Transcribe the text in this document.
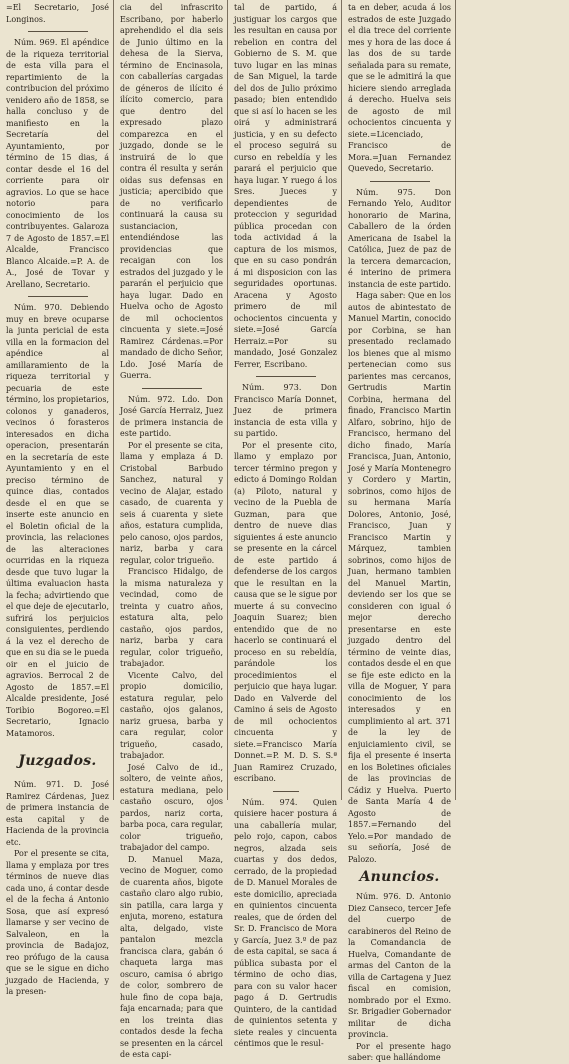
=El Secretario, José Longinos.

Núm. 969. El apéndice de la riqueza territorial de esta villa para el repartimiento de la contribucion del próximo venidero año de 1858, se halla concluso y de manifiesto en la Secretaría del Ayuntamiento, por término de 15 dias, á contar desde el 16 del corriente para oir agravios. Lo que se hace notorio para conocimiento de los contribuyentes. Galaroza 7 de Agosto de 1857.=El Alcalde, Francisco Blanco Alcaide.=P. A. de A., José de Tovar y Arellano, Secretario.

Núm. 970. Debiendo muy en breve ocuparse la junta pericial de esta villa en la formacion del apéndice al amillaramiento de la riqueza territorial y pecuaria de este término, los propietarios, colonos y ganaderos, vecinos ó forasteros interesados en dicha operacion, presentarán en la secretaría de este Ayuntamiento y en el preciso término de quince dias, contados desde el en que se inserte este anuncio en el Boletin oficial de la provincia, las relaciones de las alteraciones ocurridas en la riqueza desde que tuvo lugar la última evaluacion hasta la fecha; advirtiendo que el que deje de ejecutarlo, sufrirá los perjuicios consiguientes, perdiendo á la vez el derecho de que en su dia se le pueda oir en el juicio de agravios. Berrocal 2 de Agosto de 1857.=El Alcalde presidente, José Toribio Bogoreo.=El Secretario, Ignacio Matamoros.

Juzgados.

Núm. 971. D. José Ramirez Cárdenas, Juez de primera instancia de esta capital y de Hacienda de la provincia etc.

Por el presente se cita, llama y emplaza por tres términos de nueve dias cada uno, á contar desde el de la fecha á Antonio Sosa, que así expresó llamarse y ser vecino de Salvaleon, en la provincia de Badajoz, reo prófugo de la causa que se le sigue en dicho juzgado de Hacienda, y la presen-

cia del infrascrito Escribano, por haberlo aprehendido el dia seis de Junio último en la dehesa de la Sierva, término de Encinasola, con caballerías cargadas de géneros de ilícito é ilícito comercio, para que dentro del expresado plazo comparezca en el juzgado, donde se le instruirá de lo que contra él resulta y serán oidas sus defensas en justicia; apercibido que de no verificarlo continuará la causa su sustanciacion, entendiéndose las providencias que recaigan con los estrados del juzgado y le pararán el perjuicio que haya lugar. Dado en Huelva ocho de Agosto de mil ochocientos cincuenta y siete.=José Ramirez Cárdenas.=Por mandado de dicho Señor, Ldo. José María de Guerra.

Núm. 972. Ldo. Don José García Herraiz, Juez de primera instancia de este partido.

Por el presente se cita, llama y emplaza á D. Cristobal Barbudo Sanchez, natural y vecino de Alajar, estado casado, de cuarenta y seis á cuarenta y siete años, estatura cumplida, pelo canoso, ojos pardos, nariz, barba y cara regular, color trigueño.

Francisco Hidalgo, de la misma naturaleza y vecindad, como de treinta y cuatro años, estatura alta, pelo castaño, ojos pardos, nariz, barba y cara regular, color trigueño, trabajador.

Vicente Calvo, del propio domicilio, estatura regular, pelo castaño, ojos galanos, nariz gruesa, barba y cara regular, color trigueño, casado, trabajador.

José Calvo de id., soltero, de veinte años, estatura mediana, pelo castaño oscuro, ojos pardos, nariz corta, barba poca, cara regular, color trigueño, trabajador del campo.

D. Manuel Maza, vecino de Moguer, como de cuarenta años, bigote castaño claro algo rubio, sin patilla, cara larga y enjuta, moreno, estatura alta, delgado, viste pantalon mezcla francisca clara, gabán ó chaqueta larga mas oscuro, camisa ó abrigo de color, sombrero de hule fino de copa baja, faja encarnada; para que en los treinta dias contados desde la fecha se presenten en la cárcel de esta capi-

tal de partido, á justiguar los cargos que les resultan en causa por rebelion en contra del Gobierno de S. M. que tuvo lugar en las minas de San Miguel, la tarde del dos de Julio próximo pasado; bien entendido que si así lo hacen se les oirá y administrará justicia, y en su defecto el proceso seguirá su curso en rebeldía y les parará el perjuicio que haya lugar. Y ruego á los Sres. Jueces y dependientes de proteccion y seguridad pública procedan con toda actividad á la captura de los mismos, que en su caso pondrán á mi disposicion con las seguridades oportunas. Aracena y Agosto primero de mil ochocientos cincuenta y siete.=José García Herraiz.=Por su mandado, José Gonzalez Ferrer, Escribano.

Núm. 973. Don Francisco María Donnet, Juez de primera instancia de esta villa y su partido.

Por el presente cito, llamo y emplazo por tercer término pregon y edicto á Domingo Roldan (a) Piloto, natural y vecino de la Puebla de Guzman, para que dentro de nueve dias siguientes á este anuncio se presente en la cárcel de este partido á defenderse de los cargos que le resultan en la causa que se le sigue por muerte á su convecino Joaquin Suarez; bien entendido que de no hacerlo se continuará el proceso en su rebeldía, parándole los procedimientos el perjuicio que haya lugar. Dado en Valverde del Camino á seis de Agosto de mil ochocientos cincuenta y siete.=Francisco María Donnet.=P. M. D. S. S.ª Juan Ramirez Cruzado, escribano.

Núm. 974. Quien quisiere hacer postura á una caballería mular, pelo rojo, capon, cabos negros, alzada seis cuartas y dos dedos, cerrado, de la propiedad de D. Manuel Morales de este domicilio, apreciada en quinientos cincuenta reales, que de órden del Sr. D. Francisco de Mora y García, Juez 3.º de paz de esta capital, se saca á pública subasta por el término de ocho dias, para con su valor hacer pago á D. Gertrudis Quintero, de la cantidad de quinientos setenta y siete reales y cincuenta céntimos que le resul-

ta en deber, acuda á los estrados de este Juzgado el dia trece del corriente mes y hora de las doce á las dos de su tarde señalada para su remate, que se le admitirá la que hiciere siendo arreglada á derecho. Huelva seis de agosto de mil ochocientos cincuenta y siete.=Licenciado, Francisco de Mora.=Juan Fernandez Quevedo, Secretario.

Núm. 975. Don Fernando Yelo, Auditor honorario de Marina, Caballero de la órden Americana de Isabel la Católica, Juez de paz de la tercera demarcacion, é interino de primera instancia de este partido.

Haga saber: Que en los autos de abintestato de Manuel Martin, conocido por Corbina, se han presentado reclamado los bienes que al mismo pertenecian como sus parientes mas cercanos, Gertrudis Martin Corbina, hermana del finado, Francisco Martin Alfaro, sobrino, hijo de Francisco, hermano del dicho finado, María Francisca, Juan, Antonio, José y María Montenegro y Cordero y Martin, sobrinos, como hijos de su hermana María Dolores, Antonio, José, Francisco, Juan y Francisco Martin y Márquez, tambien sobrinos, como hijos de Juan, hermano tambien del Manuel Martin, deviendo ser los que se consideren con igual ó mejor derecho presentarse en este juzgado dentro del término de veinte dias, contados desde el en que se fije este edicto en la villa de Moguer, Y para conocimiento de los interesados y en cumplimiento al art. 371 de la ley de enjuiciamiento civil, se fija el presente é inserta en los Boletines oficiales de las provincias de Cádiz y Huelva. Puerto de Santa María 4 de Agosto de 1857.=Fernando del Yelo.=Por mandado de su señoría, José de Palozo.

Anuncios.

Núm. 976. D. Antonio Diez Canseco, tercer Jefe del cuerpo de carabineros del Reino de la Comandancia de Huelva, Comandante de armas del Canton de la villa de Cartagena y Juez fiscal en comision, nombrado por el Exmo. Sr. Brigadier Gobernador militar de dicha provincia.

Por el presente hago saber: que hallándome
